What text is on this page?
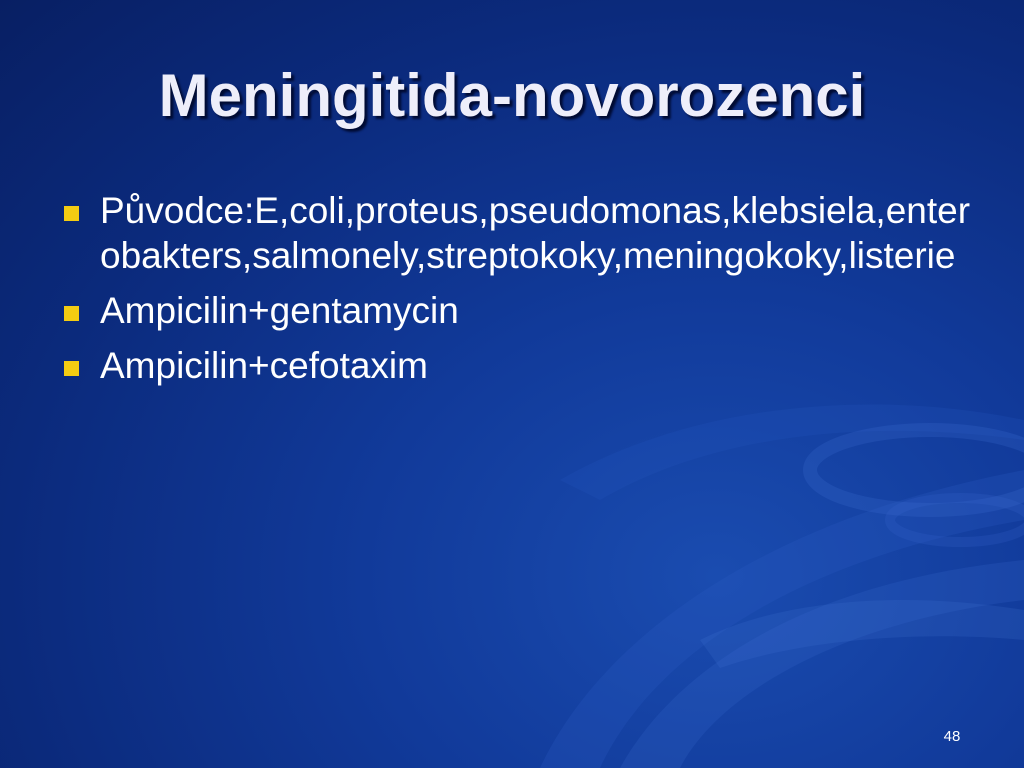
Meningitida-novorozenci
Původce:E,coli,proteus,pseudomonas,klebsiela,enterobakters,salmonely,streptokoky,meningokoky,listerie
Ampicilin+gentamycin
Ampicilin+cefotaxim
48
